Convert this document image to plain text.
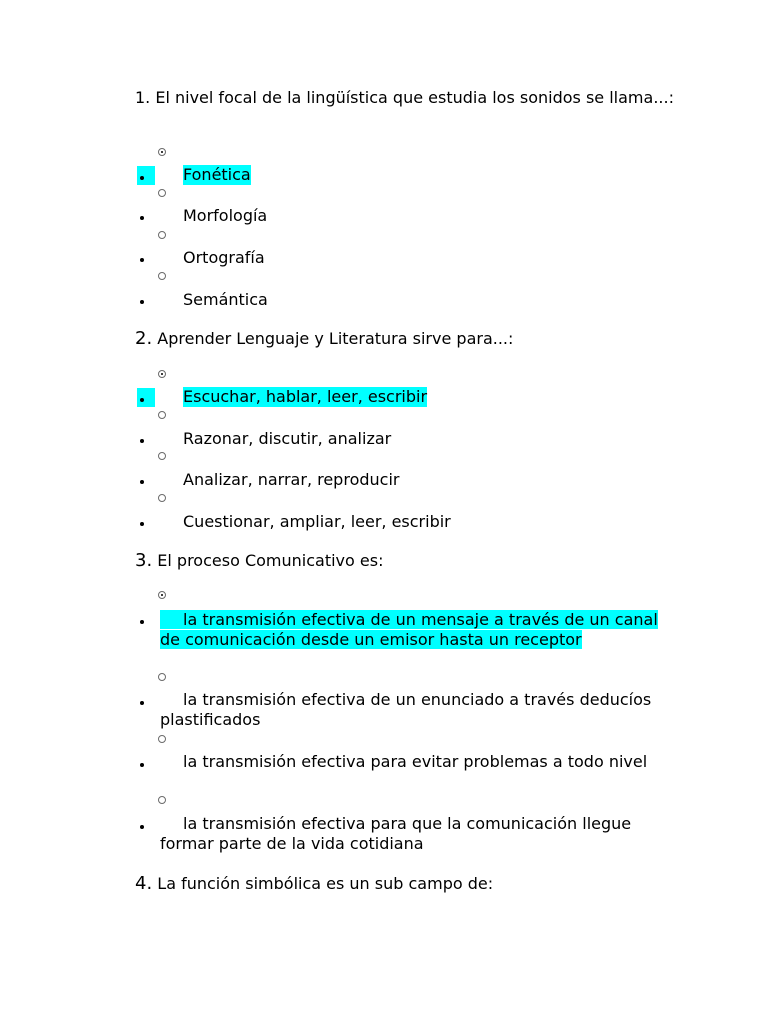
1. El nivel focal de la lingüística que estudia los sonidos se llama...:
Fonética
Morfología
Ortografía
Semántica
2. Aprender Lenguaje y Literatura sirve para...:
Escuchar, hablar, leer, escribir
Razonar, discutir, analizar
Analizar, narrar, reproducir
Cuestionar, ampliar, leer, escribir
3. El proceso Comunicativo es:
la transmisión efectiva de un mensaje a través de un canal de comunicación desde un emisor hasta un receptor
la transmisión efectiva de un enunciado a través deducíos plastificados
la transmisión efectiva para evitar problemas a todo nivel
la transmisión efectiva para que la comunicación llegue formar parte de la vida cotidiana
4. La función simbólica es un sub campo de:
